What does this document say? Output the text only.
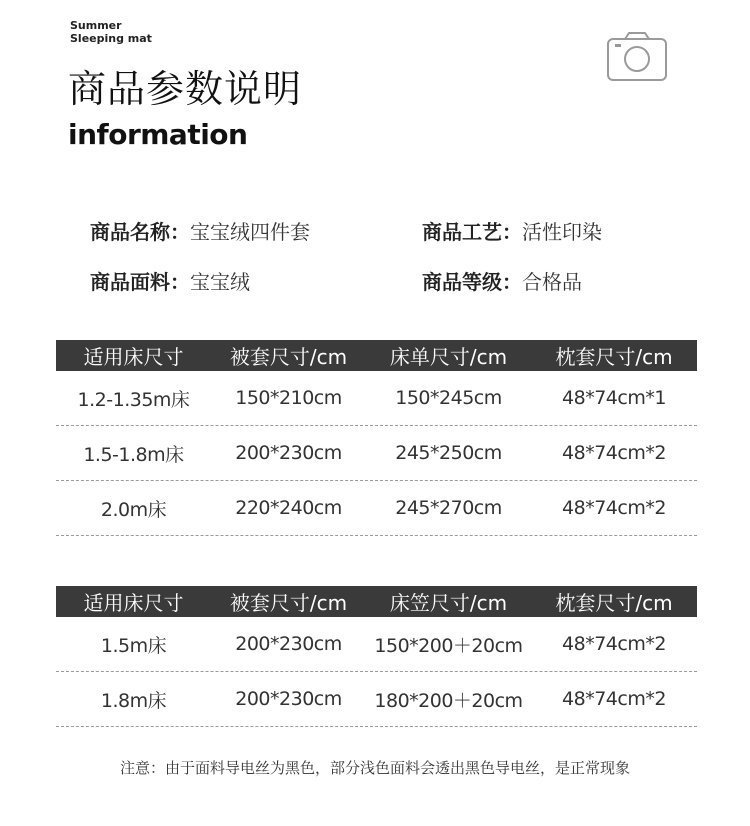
Summer
Sleeping mat
商品参数说明
information
商品名称：宝宝绒四件套	商品工艺：活性印染
商品面料：宝宝绒	商品等级：合格品
适用床尺寸	被套尺寸/cm	床单尺寸/cm	枕套尺寸/cm
1.2-1.35m床	150*210cm	150*245cm	48*74cm*1
1.5-1.8m床	200*230cm	245*250cm	48*74cm*2
2.0m床	220*240cm	245*270cm	48*74cm*2
适用床尺寸	被套尺寸/cm	床笠尺寸/cm	枕套尺寸/cm
1.5m床	200*230cm	150*200＋20cm	48*74cm*2
1.8m床	200*230cm	180*200＋20cm	48*74cm*2
注意：由于面料导电丝为黑色，部分浅色面料会透出黑色导电丝，是正常现象
